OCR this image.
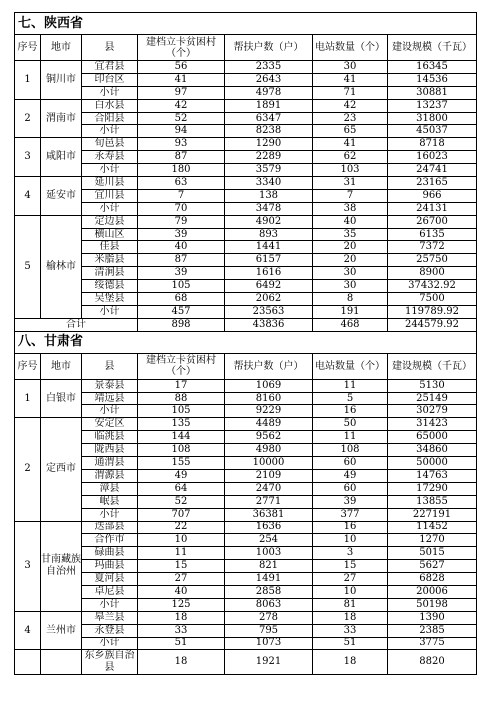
七、陕西省						
序号	地市	县	建档立卡贫困村（个）	帮扶户数（户）	电站数量（个）	建设规模（千瓦）
1	铜川市	宜君县	56	2335	30	16345
		印台区	41	2643	41	14536
		小计	97	4978	71	30881
2	渭南市	白水县	42	1891	42	13237
		合阳县	52	6347	23	31800
		小计	94	8238	65	45037
3	咸阳市	旬邑县	93	1290	41	8718
		永寿县	87	2289	62	16023
		小计	180	3579	103	24741
4	延安市	延川县	63	3340	31	23165
		宜川县	7	138	7	966
		小计	70	3478	38	24131
5	榆林市	定边县	79	4902	40	26700
		横山区	39	893	35	6135
		佳县	40	1441	20	7372
		米脂县	87	6157	20	25750
		清涧县	39	1616	30	8900
		绥德县	105	6492	30	37432.92
		吴堡县	68	2062	8	7500
		小计	457	23563	191	119789.92
合计			898	43836	468	244579.92
八、甘肃省						
序号	地市	县	建档立卡贫困村（个）	帮扶户数（户）	电站数量（个）	建设规模（千瓦）
1	白银市	景泰县	17	1069	11	5130
		靖远县	88	8160	5	25149
		小计	105	9229	16	30279
2	定西市	安定区	135	4489	50	31423
		临洮县	144	9562	11	65000
		陇西县	108	4980	108	34860
		通渭县	155	10000	60	50000
		渭源县	49	2109	49	14763
		漳县	64	2470	60	17290
		岷县	52	2771	39	13855
		小计	707	36381	377	227191
3	甘南藏族自治州	迭部县	22	1636	16	11452
		合作市	10	254	10	1270
		碌曲县	11	1003	3	5015
		玛曲县	15	821	15	5627
		夏河县	27	1491	27	6828
		卓尼县	40	2858	10	20006
		小计	125	8063	81	50198
4	兰州市	皋兰县	18	278	18	1390
		永登县	33	795	33	2385
		小计	51	1073	51	3775
		东乡族自治县	18	1921	18	8820
